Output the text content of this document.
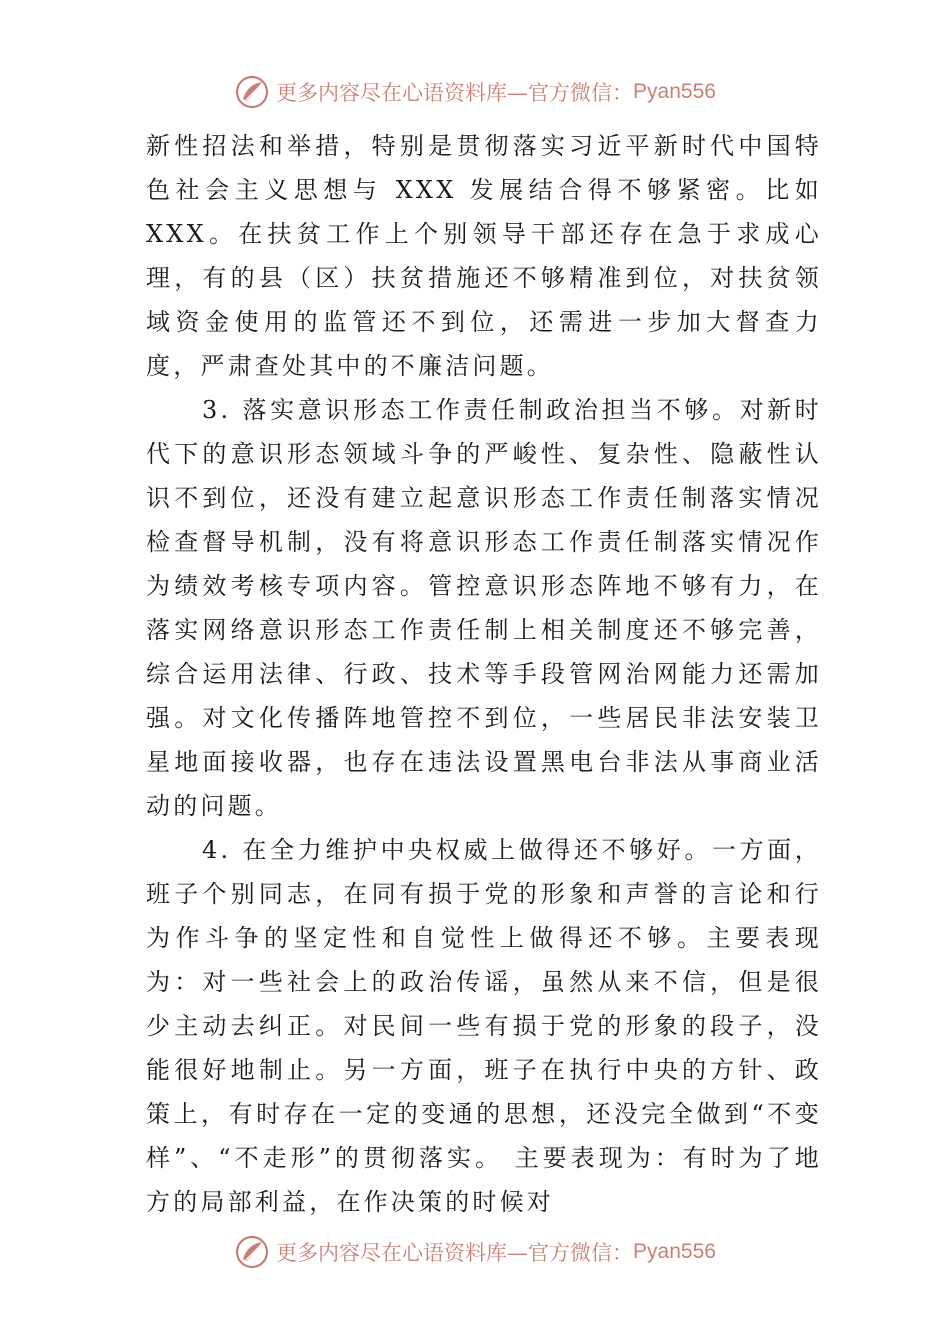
更多内容尽在心语资料库—官方微信： Pyan556

新性招法和举措，特别是贯彻落实习近平新时代中国特色社会主义思想与 XXX 发展结合得不够紧密。比如 XXX。在扶贫工作上个别领导干部还存在急于求成心理，有的县（区）扶贫措施还不够精准到位，对扶贫领域资金使用的监管还不到位，还需进一步加大督查力度，严肃查处其中的不廉洁问题。

3. 落实意识形态工作责任制政治担当不够。对新时代下的意识形态领域斗争的严峻性、复杂性、隐蔽性认识不到位，还没有建立起意识形态工作责任制落实情况检查督导机制，没有将意识形态工作责任制落实情况作为绩效考核专项内容。管控意识形态阵地不够有力，在落实网络意识形态工作责任制上相关制度还不够完善，综合运用法律、行政、技术等手段管网治网能力还需加强。对文化传播阵地管控不到位，一些居民非法安装卫星地面接收器，也存在违法设置黑电台非法从事商业活动的问题。

4. 在全力维护中央权威上做得还不够好。一方面，班子个别同志，在同有损于党的形象和声誉的言论和行为作斗争的坚定性和自觉性上做得还不够。主要表现为：对一些社会上的政治传谣，虽然从来不信，但是很少主动去纠正。对民间一些有损于党的形象的段子，没能很好地制止。另一方面，班子在执行中央的方针、政策上，有时存在一定的变通的思想，还没完全做到“不变样”、“不走形”的贯彻落实。 主要表现为：有时为了地方的局部利益，在作决策的时候对

更多内容尽在心语资料库—官方微信： Pyan556
